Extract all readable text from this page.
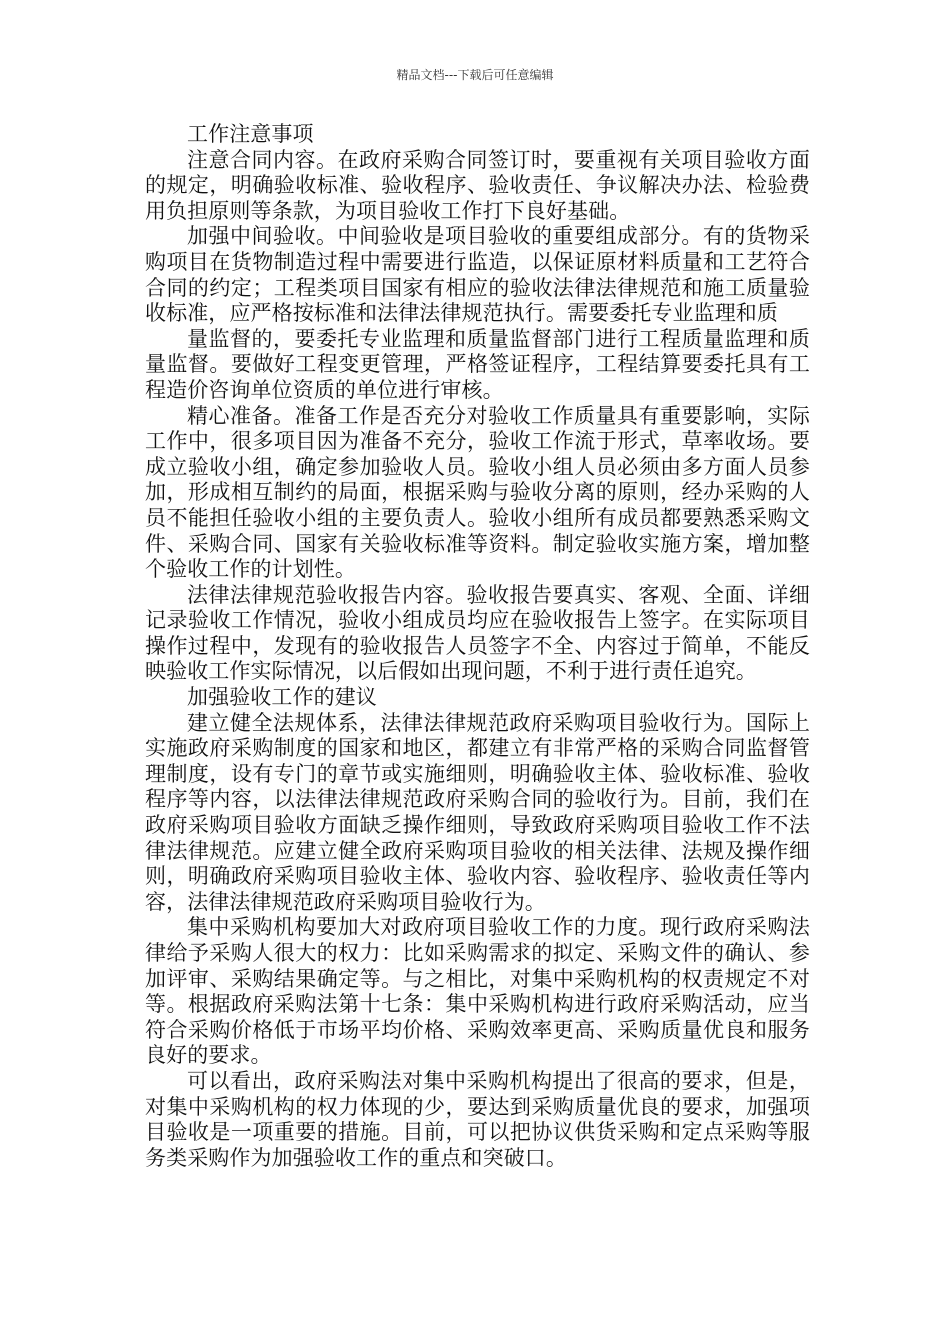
精品文档---下载后可任意编辑

工作注意事项

注意合同内容。在政府采购合同签订时，要重视有关项目验收方面的规定，明确验收标准、验收程序、验收责任、争议解决办法、检验费用负担原则等条款，为项目验收工作打下良好基础。

加强中间验收。中间验收是项目验收的重要组成部分。有的货物采购项目在货物制造过程中需要进行监造，以保证原材料质量和工艺符合合同的约定；工程类项目国家有相应的验收法律法律规范和施工质量验收标准，应严格按标准和法律法律规范执行。需要委托专业监理和质

量监督的，要委托专业监理和质量监督部门进行工程质量监理和质量监督。要做好工程变更管理，严格签证程序，工程结算要委托具有工程造价咨询单位资质的单位进行审核。

精心准备。准备工作是否充分对验收工作质量具有重要影响，实际工作中，很多项目因为准备不充分，验收工作流于形式，草率收场。要成立验收小组，确定参加验收人员。验收小组人员必须由多方面人员参加，形成相互制约的局面，根据采购与验收分离的原则，经办采购的人员不能担任验收小组的主要负责人。验收小组所有成员都要熟悉采购文件、采购合同、国家有关验收标准等资料。制定验收实施方案，增加整个验收工作的计划性。

法律法律规范验收报告内容。验收报告要真实、客观、全面、详细记录验收工作情况，验收小组成员均应在验收报告上签字。在实际项目操作过程中，发现有的验收报告人员签字不全、内容过于简单，不能反映验收工作实际情况，以后假如出现问题，不利于进行责任追究。

加强验收工作的建议

建立健全法规体系，法律法律规范政府采购项目验收行为。国际上实施政府采购制度的国家和地区，都建立有非常严格的采购合同监督管理制度，设有专门的章节或实施细则，明确验收主体、验收标准、验收程序等内容，以法律法律规范政府采购合同的验收行为。目前，我们在政府采购项目验收方面缺乏操作细则，导致政府采购项目验收工作不法律法律规范。应建立健全政府采购项目验收的相关法律、法规及操作细则，明确政府采购项目验收主体、验收内容、验收程序、验收责任等内容，法律法律规范政府采购项目验收行为。

集中采购机构要加大对政府项目验收工作的力度。现行政府采购法律给予采购人很大的权力：比如采购需求的拟定、采购文件的确认、参加评审、采购结果确定等。与之相比，对集中采购机构的权责规定不对等。根据政府采购法第十七条：集中采购机构进行政府采购活动，应当符合采购价格低于市场平均价格、采购效率更高、采购质量优良和服务良好的要求。

可以看出，政府采购法对集中采购机构提出了很高的要求，但是，对集中采购机构的权力体现的少，要达到采购质量优良的要求，加强项目验收是一项重要的措施。目前，可以把协议供货采购和定点采购等服务类采购作为加强验收工作的重点和突破口。
